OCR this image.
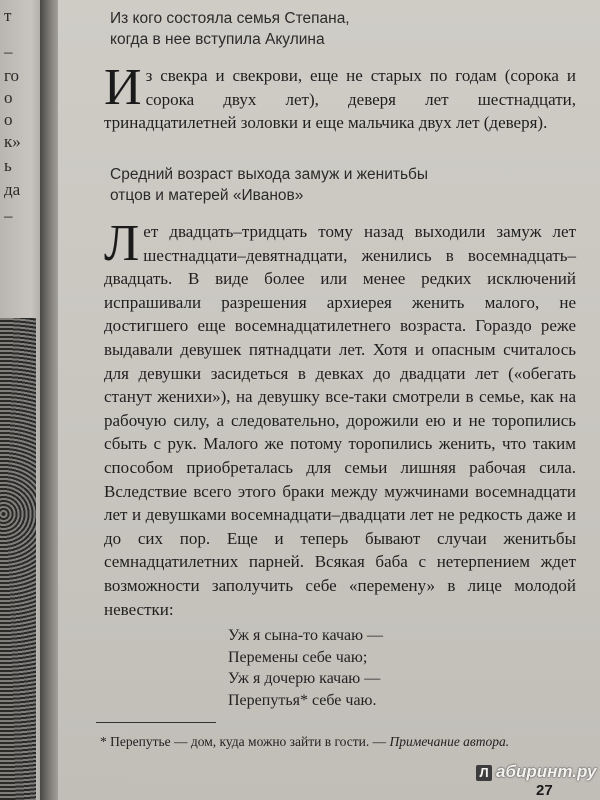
т
–
го
о
о
к»
ь
да
–
Из кого состояла семья Степана,
когда в нее вступила Акулина

Из свекра и свекрови, еще не старых по годам (сорока и сорока двух лет), деверя лет шестнадцати, тринадцатилетней золовки и еще мальчика двух лет (деверя).

Средний возраст выхода замуж и женитьбы
отцов и матерей «Иванов»

Лет двадцать–тридцать тому назад выходили замуж лет шестнадцати–девятнадцати, женились в восемнадцать–двадцать. В виде более или менее редких исключений испрашивали разрешения архиерея женить малого, не достигшего еще восемнадцатилетнего возраста. Гораздо реже выдавали девушек пятнадцати лет. Хотя и опасным считалось для девушки засидеться в девках до двадцати лет («обегать станут женихи»), на девушку все-таки смотрели в семье, как на рабочую силу, а следовательно, дорожили ею и не торопились сбыть с рук. Малого же потому торопились женить, что таким способом приобреталась для семьи лишняя рабочая сила. Вследствие всего этого браки между мужчинами восемнадцати лет и девушками восемнадцати–двадцати лет не редкость даже и до сих пор. Еще и теперь бывают случаи женитьбы семнадцатилетних парней. Всякая баба с нетерпением ждет возможности заполучить себе «перемену» в лице молодой невестки:

Уж я сына-то качаю —
Перемены себе чаю;
Уж я дочерю качаю —
Перепутья* себе чаю.

* Перепутье — дом, куда можно зайти в гости. — Примечание автора.

Л абиринт.ру
27
